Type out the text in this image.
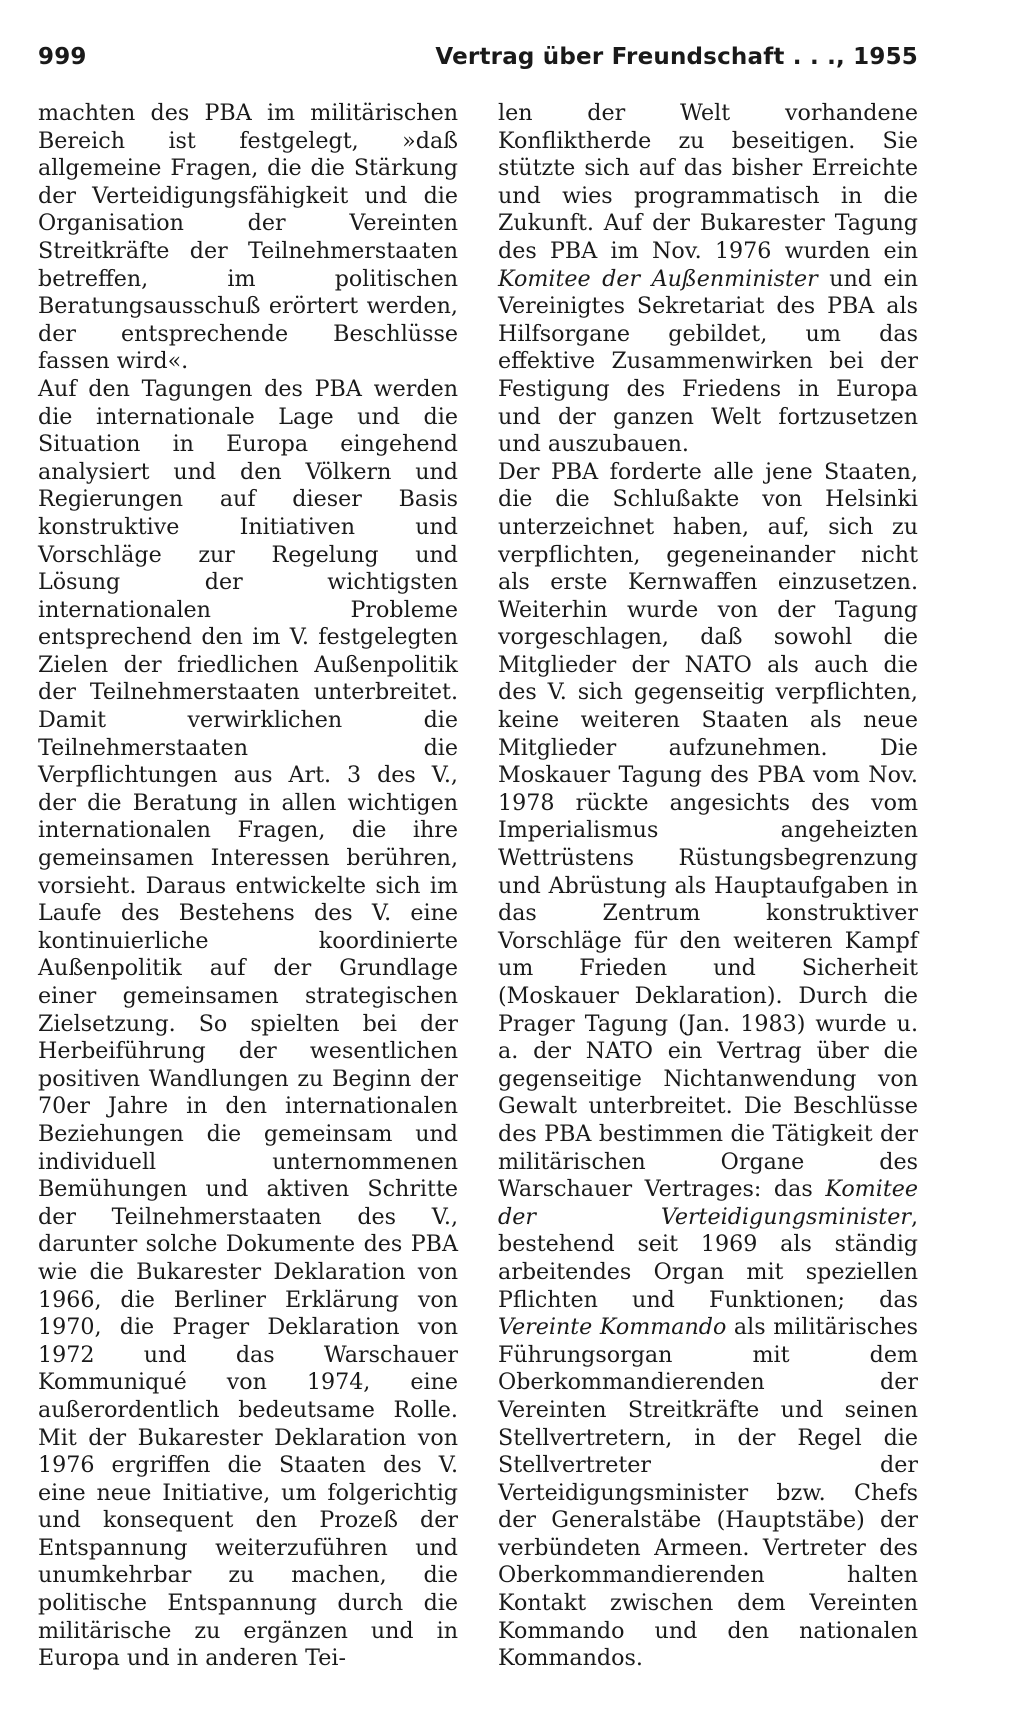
999	Vertrag über Freundschaft . . ., 1955

machten des PBA im militärischen Bereich ist festgelegt, »daß allgemeine Fragen, die die Stärkung der Verteidigungsfähigkeit und die Organisation der Vereinten Streitkräfte der Teilnehmerstaaten betreffen, im politischen Beratungsausschuß erörtert werden, der entsprechende Beschlüsse fassen wird«.

Auf den Tagungen des PBA werden die internationale Lage und die Situation in Europa eingehend analysiert und den Völkern und Regierungen auf dieser Basis konstruktive Initiativen und Vorschläge zur Regelung und Lösung der wichtigsten internationalen Probleme entsprechend den im V. festgelegten Zielen der friedlichen Außenpolitik der Teilnehmerstaaten unterbreitet. Damit verwirklichen die Teilnehmerstaaten die Verpflichtungen aus Art. 3 des V., der die Beratung in allen wichtigen internationalen Fragen, die ihre gemeinsamen Interessen berühren, vorsieht. Daraus entwickelte sich im Laufe des Bestehens des V. eine kontinuierliche koordinierte Außenpolitik auf der Grundlage einer gemeinsamen strategischen Zielsetzung. So spielten bei der Herbeiführung der wesentlichen positiven Wandlungen zu Beginn der 70er Jahre in den internationalen Beziehungen die gemeinsam und individuell unternommenen Bemühungen und aktiven Schritte der Teilnehmerstaaten des V., darunter solche Dokumente des PBA wie die Bukarester Deklaration von 1966, die Berliner Erklärung von 1970, die Prager Deklaration von 1972 und das Warschauer Kommuniqué von 1974, eine außerordentlich bedeutsame Rolle. Mit der Bukarester Deklaration von 1976 ergriffen die Staaten des V. eine neue Initiative, um folgerichtig und konsequent den Prozeß der Entspannung weiterzuführen und unumkehrbar zu machen, die politische Entspannung durch die militärische zu ergänzen und in Europa und in anderen Tei-

len der Welt vorhandene Konfliktherde zu beseitigen. Sie stützte sich auf das bisher Erreichte und wies programmatisch in die Zukunft. Auf der Bukarester Tagung des PBA im Nov. 1976 wurden ein Komitee der Außenminister und ein Vereinigtes Sekretariat des PBA als Hilfsorgane gebildet, um das effektive Zusammenwirken bei der Festigung des Friedens in Europa und der ganzen Welt fortzusetzen und auszubauen.

Der PBA forderte alle jene Staaten, die die Schlußakte von Helsinki unterzeichnet haben, auf, sich zu verpflichten, gegeneinander nicht als erste Kernwaffen einzusetzen. Weiterhin wurde von der Tagung vorgeschlagen, daß sowohl die Mitglieder der NATO als auch die des V. sich gegenseitig verpflichten, keine weiteren Staaten als neue Mitglieder aufzunehmen. Die Moskauer Tagung des PBA vom Nov. 1978 rückte angesichts des vom Imperialismus angeheizten Wettrüstens Rüstungsbegrenzung und Abrüstung als Hauptaufgaben in das Zentrum konstruktiver Vorschläge für den weiteren Kampf um Frieden und Sicherheit (Moskauer Deklaration). Durch die Prager Tagung (Jan. 1983) wurde u. a. der NATO ein Vertrag über die gegenseitige Nichtanwendung von Gewalt unterbreitet. Die Beschlüsse des PBA bestimmen die Tätigkeit der militärischen Organe des Warschauer Vertrages: das Komitee der Verteidigungsminister, bestehend seit 1969 als ständig arbeitendes Organ mit speziellen Pflichten und Funktionen; das Vereinte Kommando als militärisches Führungsorgan mit dem Oberkommandierenden der Vereinten Streitkräfte und seinen Stellvertretern, in der Regel die Stellvertreter der Verteidigungsminister bzw. Chefs der Generalstäbe (Hauptstäbe) der verbündeten Armeen. Vertreter des Oberkommandierenden halten Kontakt zwischen dem Vereinten Kommando und den nationalen Kommandos.
